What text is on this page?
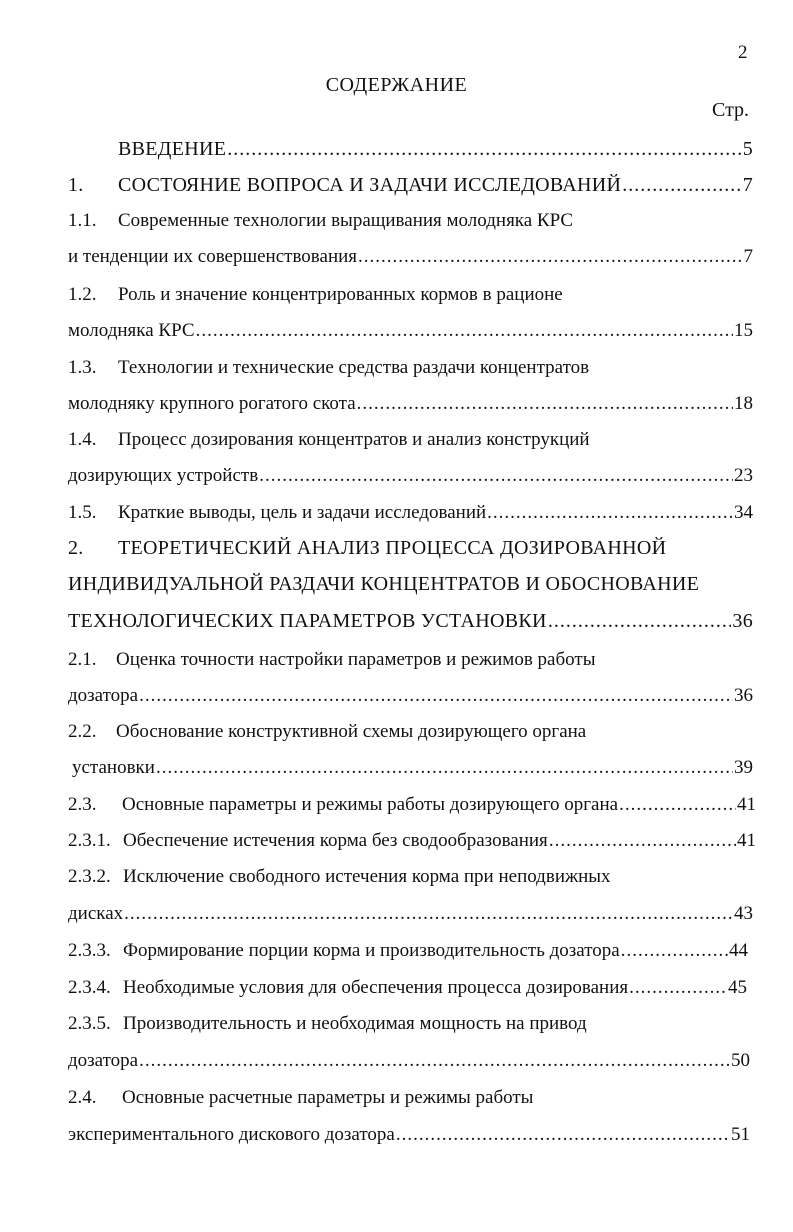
2
СОДЕРЖАНИЕ
Стр.
ВВЕДЕНИЕ .....	5
1. СОСТОЯНИЕ ВОПРОСА И ЗАДАЧИ ИССЛЕДОВАНИЙ .....	7
1.1. Современные технологии выращивания молодняка КРС
и тенденции их совершенствования .....	7
1.2. Роль и значение концентрированных кормов в рационе
молодняка КРС .....	15
1.3. Технологии и технические средства раздачи концентратов
молодняку крупного рогатого скота .....	18
1.4. Процесс дозирования концентратов и анализ конструкций
дозирующих устройств .....	23
1.5. Краткие выводы, цель и задачи исследований .....	34
2. ТЕОРЕТИЧЕСКИЙ АНАЛИЗ ПРОЦЕССА ДОЗИРОВАННОЙ
ИНДИВИДУАЛЬНОЙ РАЗДАЧИ КОНЦЕНТРАТОВ И ОБОСНОВАНИЕ
ТЕХНОЛОГИЧЕСКИХ ПАРАМЕТРОВ УСТАНОВКИ .....	36
2.1. Оценка точности настройки параметров и режимов работы
дозатора .....	36
2.2. Обоснование конструктивной схемы дозирующего органа
установки .....	39
2.3. Основные параметры и режимы работы дозирующего органа .....	41
2.3.1. Обеспечение истечения корма без сводообразования .....	41
2.3.2. Исключение свободного истечения корма при неподвижных
дисках .....	43
2.3.3. Формирование порции корма и производительность дозатора .....	44
2.3.4. Необходимые условия для обеспечения процесса дозирования .....	45
2.3.5. Производительность и необходимая мощность на привод
дозатора .....	50
2.4. Основные расчетные параметры и режимы работы
экспериментального дискового дозатора .....	51
